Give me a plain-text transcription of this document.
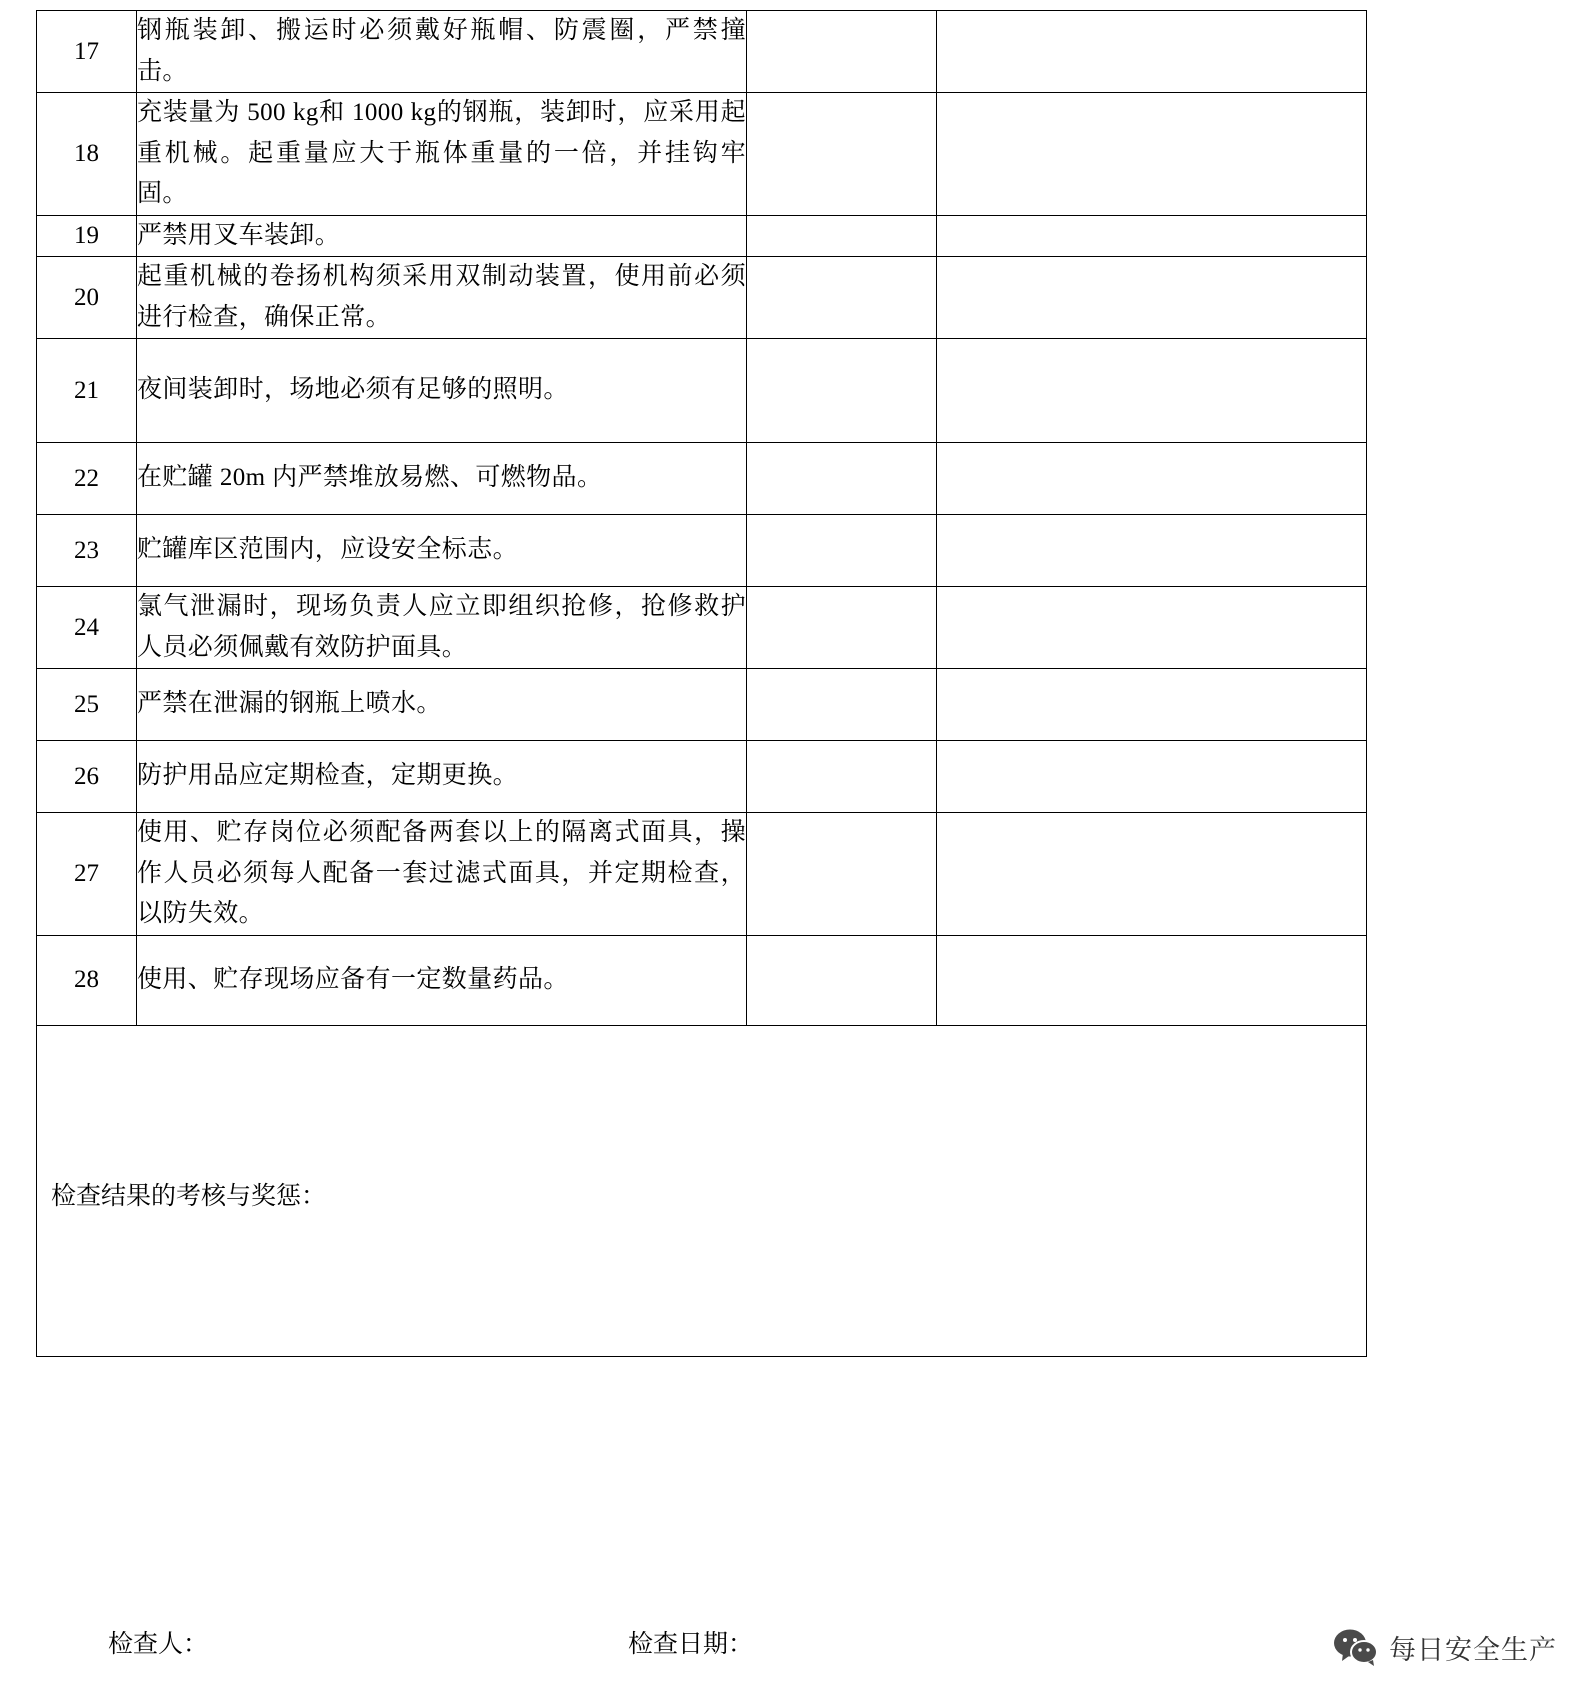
17	钢瓶装卸、搬运时必须戴好瓶帽、防震圈，严禁撞击。		
18	充装量为 500 kg和 1000 kg的钢瓶，装卸时，应采用起重机械。起重量应大于瓶体重量的一倍，并挂钩牢固。		
19	严禁用叉车装卸。		
20	起重机械的卷扬机构须采用双制动装置，使用前必须进行检查，确保正常。		
21	夜间装卸时，场地必须有足够的照明。		
22	在贮罐 20m 内严禁堆放易燃、可燃物品。		
23	贮罐库区范围内，应设安全标志。		
24	氯气泄漏时，现场负责人应立即组织抢修，抢修救护人员必须佩戴有效防护面具。		
25	严禁在泄漏的钢瓶上喷水。		
26	防护用品应定期检查，定期更换。		
27	使用、贮存岗位必须配备两套以上的隔离式面具，操作人员必须每人配备一套过滤式面具，并定期检查，以防失效。		
28	使用、贮存现场应备有一定数量药品。		

检查结果的考核与奖惩：			
检查人：	检查日期：	每日安全生产
